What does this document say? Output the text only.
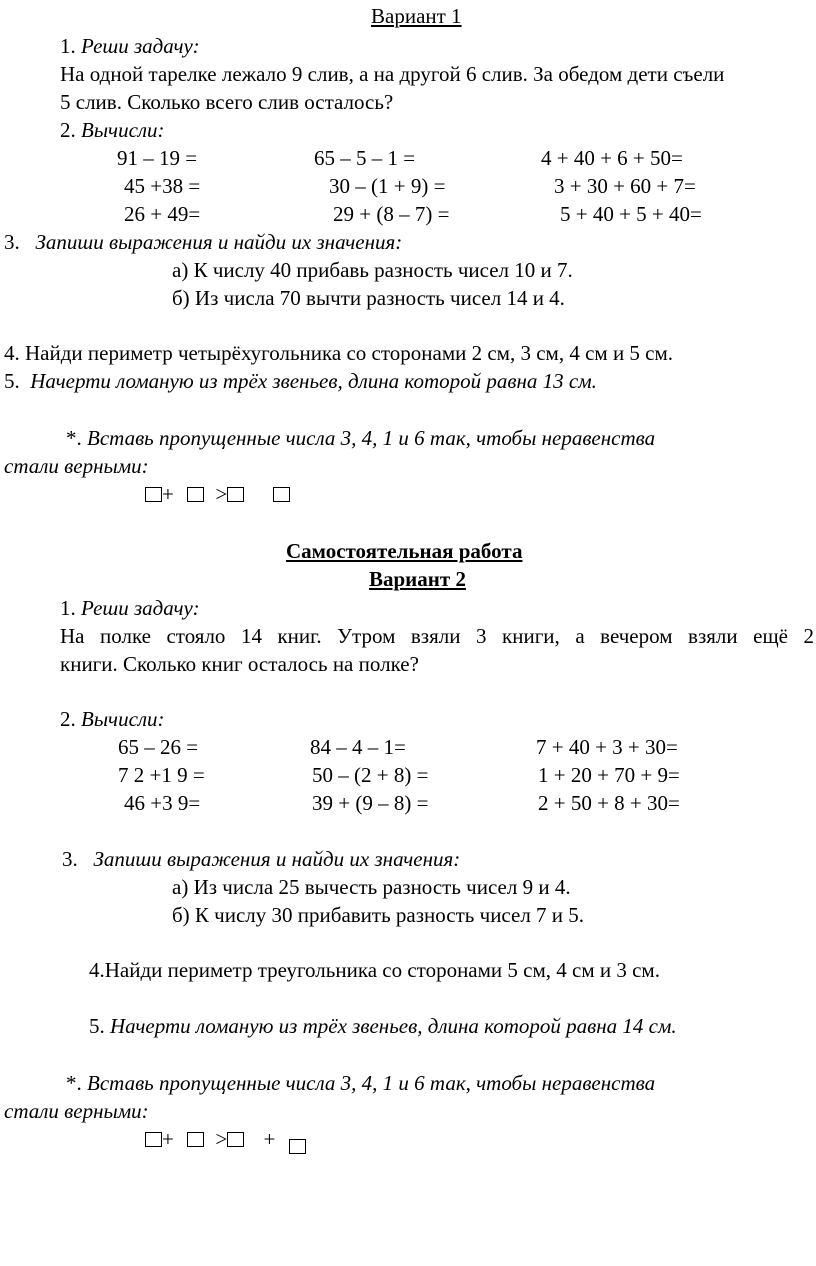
Вариант 1
1. Реши задачу:
На одной тарелке лежало 9 слив, а на другой 6 слив. За обедом дети съели
5 слив. Сколько всего слив осталось?
2. Вычисли:
91 – 19 =	65 – 5 – 1 =	4 + 40 + 6 + 50=
45 +38 =	30 – (1 + 9) =	3 + 30 + 60 + 7=
26 + 49=	29 + (8 – 7) =	5 + 40 + 5 + 40=
3. Запиши выражения и найди их значения:
а) К числу 40 прибавь разность чисел 10 и 7.
б) Из числа 70 вычти разность чисел 14 и 4.
4. Найди периметр четырёхугольника со сторонами 2 см, 3 см, 4 см и 5 см.
5. Начерти ломаную из трёх звеньев, длина которой равна 13 см.
*. Вставь пропущенные числа 3, 4, 1 и 6 так, чтобы неравенства
стали верными:
+ >
Самостоятельная работа
Вариант 2
1. Реши задачу:
На полке стояло 14 книг. Утром взяли 3 книги, а вечером взяли ещё 2
книги. Сколько книг осталось на полке?
2. Вычисли:
65 – 26 =	84 – 4 – 1=	7 + 40 + 3 + 30=
7 2 +1 9 =	50 – (2 + 8) =	1 + 20 + 70 + 9=
46 +3 9=	39 + (9 – 8) =	2 + 50 + 8 + 30=
3. Запиши выражения и найди их значения:
а) Из числа 25 вычесть разность чисел 9 и 4.
б) К числу 30 прибавить разность чисел 7 и 5.
4.Найди периметр треугольника со сторонами 5 см, 4 см и 3 см.
5. Начерти ломаную из трёх звеньев, длина которой равна 14 см.
*. Вставь пропущенные числа 3, 4, 1 и 6 так, чтобы неравенства
стали верными:
+ > +
